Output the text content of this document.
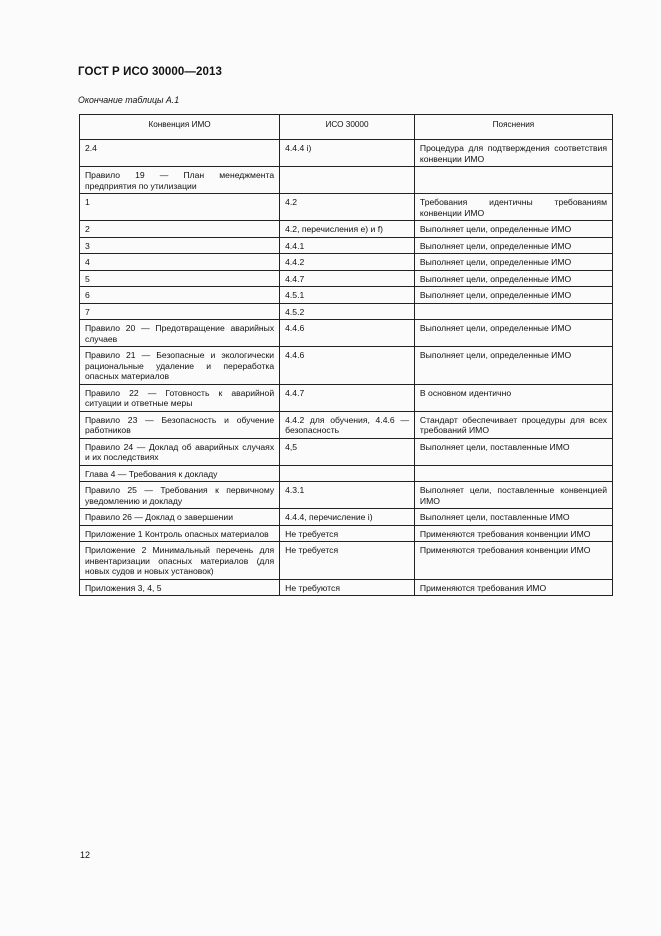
ГОСТ Р ИСО 30000—2013
Окончание таблицы А.1
Конвенция ИМО	ИСО 30000	Пояснения
2.4	4.4.4 i)	Процедура для подтверждения соответствия конвенции ИМО
Правило 19 — План менеджмента предприятия по утилизации		
1	4.2	Требования идентичны требованиям конвенции ИМО
2	4.2, перечисления e) и f)	Выполняет цели, определенные ИМО
3	4.4.1	Выполняет цели, определенные ИМО
4	4.4.2	Выполняет цели, определенные ИМО
5	4.4.7	Выполняет цели, определенные ИМО
6	4.5.1	Выполняет цели, определенные ИМО
7	4.5.2	
Правило 20 — Предотвращение аварийных случаев	4.4.6	Выполняет цели, определенные ИМО
Правило 21 — Безопасные и экологически рациональные удаление и переработка опасных материалов	4.4.6	Выполняет цели, определенные ИМО
Правило 22 — Готовность к аварийной ситуации и ответные меры	4.4.7	В основном идентично
Правило 23 — Безопасность и обучение работников	4.4.2 для обучения, 4.4.6 — безопасность	Стандарт обеспечивает процедуры для всех требований ИМО
Правило 24 — Доклад об аварийных случаях и их последствиях	4,5	Выполняет цели, поставленные ИМО
Глава 4 — Требования к докладу		
Правило 25 — Требования к первичному уведомлению и докладу	4.3.1	Выполняет цели, поставленные конвенцией ИМО
Правило 26 — Доклад о завершении	4.4.4, перечисление i)	Выполняет цели, поставленные ИМО
Приложение 1 Контроль опасных материалов	Не требуется	Применяются требования конвенции ИМО
Приложение 2 Минимальный перечень для инвентаризации опасных материалов (для новых судов и новых установок)	Не требуется	Применяются требования конвенции ИМО
Приложения 3, 4, 5	Не требуются	Применяются требования ИМО
12
